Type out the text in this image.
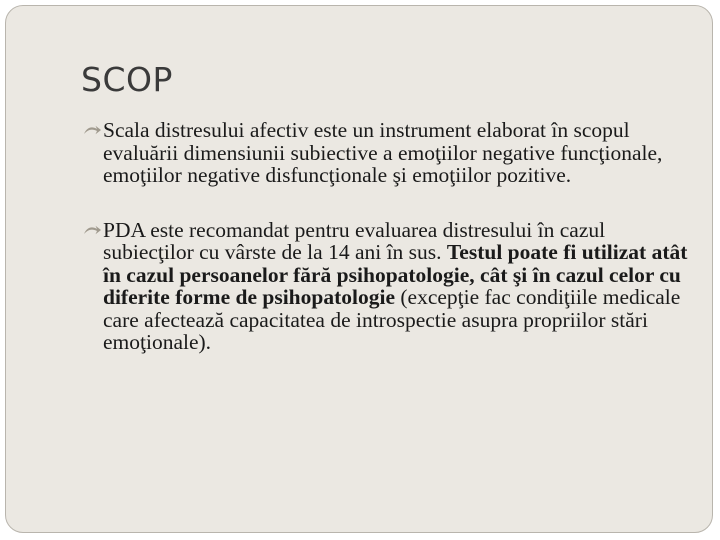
SCOP
Scala distresului afectiv este un instrument elaborat în scopul evaluării dimensiunii subiective a emoţiilor negative funcţionale, emoţiilor negative disfuncţionale şi emoţiilor pozitive.
PDA este recomandat pentru evaluarea distresului în cazul subiecţilor cu vârste de la 14 ani în sus. Testul poate fi utilizat atât în cazul persoanelor fără psihopatologie, cât şi în cazul celor cu diferite forme de psihopatologie (excepţie fac condiţiile medicale care afectează capacitatea de introspectie asupra propriilor stări emoţionale).
